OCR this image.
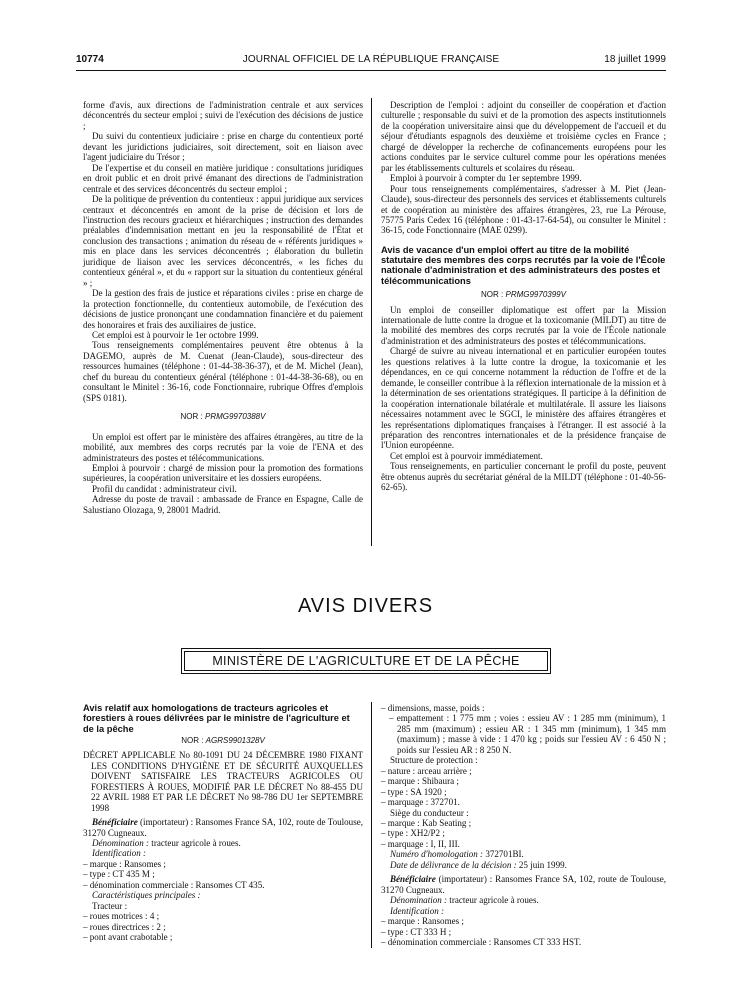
10774	JOURNAL OFFICIEL DE LA RÉPUBLIQUE FRANÇAISE	18 juillet 1999

forme d'avis, aux directions de l'administration centrale et aux services déconcentrés du secteur emploi ; suivi de l'exécution des décisions de justice ;

Du suivi du contentieux judiciaire : prise en charge du contentieux porté devant les juridictions judiciaires, soit directement, soit en liaison avec l'agent judiciaire du Trésor ;

De l'expertise et du conseil en matière juridique : consultations juridiques en droit public et en droit privé émanant des directions de l'administration centrale et des services déconcentrés du secteur emploi ;

De la politique de prévention du contentieux : appui juridique aux services centraux et déconcentrés en amont de la prise de décision et lors de l'instruction des recours gracieux et hiérarchiques ; instruction des demandes préalables d'indemnisation mettant en jeu la responsabilité de l'État et conclusion des transactions ; animation du réseau de « référents juridiques » mis en place dans les services déconcentrés ; élaboration du bulletin juridique de liaison avec les services déconcentrés, « les fiches du contentieux général », et du « rapport sur la situation du contentieux général » ;

De la gestion des frais de justice et réparations civiles : prise en charge de la protection fonctionnelle, du contentieux automobile, de l'exécution des décisions de justice prononçant une condamnation financière et du paiement des honoraires et frais des auxiliaires de justice.

Cet emploi est à pourvoir le 1er octobre 1999.

Tous renseignements complémentaires peuvent être obtenus à la DAGEMO, auprès de M. Cuenat (Jean-Claude), sous-directeur des ressources humaines (téléphone : 01-44-38-36-37), et de M. Michel (Jean), chef du bureau du contentieux général (téléphone : 01-44-38-36-68), ou en consultant le Minitel : 36-16, code Fonctionnaire, rubrique Offres d'emplois (SPS 0181).

NOR : PRMG9970388V

Un emploi est offert par le ministère des affaires étrangères, au titre de la mobilité, aux membres des corps recrutés par la voie de l'ENA et des administrateurs des postes et télécommunications.

Emploi à pourvoir : chargé de mission pour la promotion des formations supérieures, la coopération universitaire et les dossiers européens.

Profil du candidat : administrateur civil.

Adresse du poste de travail : ambassade de France en Espagne, Calle de Salustiano Olozaga, 9, 28001 Madrid.

Description de l'emploi : adjoint du conseiller de coopération et d'action culturelle ; responsable du suivi et de la promotion des aspects institutionnels de la coopération universitaire ainsi que du développement de l'accueil et du séjour d'étudiants espagnols des deuxième et troisième cycles en France ; chargé de développer la recherche de cofinancements européens pour les actions conduites par le service culturel comme pour les opérations menées par les établissements culturels et scolaires du réseau.

Emploi à pourvoir à compter du 1er septembre 1999.

Pour tous renseignements complémentaires, s'adresser à M. Piet (Jean-Claude), sous-directeur des personnels des services et établissements culturels et de coopération au ministère des affaires étrangères, 23, rue La Pérouse, 75775 Paris Cedex 16 (téléphone : 01-43-17-64-54), ou consulter le Minitel : 36-15, code Fonctionnaire (MAE 0299).

Avis de vacance d'un emploi offert au titre de la mobilité statutaire des membres des corps recrutés par la voie de l'École nationale d'administration et des administrateurs des postes et télécommunications
NOR : PRMG9970399V

Un emploi de conseiller diplomatique est offert par la Mission internationale de lutte contre la drogue et la toxicomanie (MILDT) au titre de la mobilité des membres des corps recrutés par la voie de l'École nationale d'administration et des administrateurs des postes et télécommunications.

Chargé de suivre au niveau international et en particulier européen toutes les questions relatives à la lutte contre la drogue, la toxicomanie et les dépendances, en ce qui concerne notamment la réduction de l'offre et de la demande, le conseiller contribue à la réflexion internationale de la mission et à la détermination de ses orientations stratégiques. Il participe à la définition de la coopération internationale bilatérale et multilatérale. Il assure les liaisons nécessaires notamment avec le SGCI, le ministère des affaires étrangères et les représentations diplomatiques françaises à l'étranger. Il est associé à la préparation des rencontres internationales et de la présidence française de l'Union européenne.

Cet emploi est à pourvoir immédiatement.

Tous renseignements, en particulier concernant le profil du poste, peuvent être obtenus auprès du secrétariat général de la MILDT (téléphone : 01-40-56-62-65).

AVIS DIVERS
MINISTÈRE DE L'AGRICULTURE ET DE LA PÊCHE
Avis relatif aux homologations de tracteurs agricoles et forestiers à roues délivrées par le ministre de l'agriculture et de la pêche
NOR : AGRS9901328V

DÉCRET APPLICABLE No 80-1091 DU 24 DÉCEMBRE 1980 FIXANT LES CONDITIONS D'HYGIÈNE ET DE SÉCURITÉ AUXQUELLES DOIVENT SATISFAIRE LES TRACTEURS AGRICOLES OU FORESTIERS À ROUES, MODIFIÉ PAR LE DÉCRET No 88-455 DU 22 AVRIL 1988 ET PAR LE DÉCRET No 98-786 DU 1er SEPTEMBRE 1998

Bénéficiaire (importateur) : Ransomes France SA, 102, route de Toulouse, 31270 Cugneaux.

Dénomination : tracteur agricole à roues.

Identification :

– marque : Ransomes ;

– type : CT 435 M ;

– dénomination commerciale : Ransomes CT 435.

Caractéristiques principales :

Tracteur :

– roues motrices : 4 ;

– roues directrices : 2 ;

– pont avant crabotable ;

– dimensions, masse, poids :

– empattement : 1 775 mm ; voies : essieu AV : 1 285 mm (minimum), 1 285 mm (maximum) ; essieu AR : 1 345 mm (minimum), 1 345 mm (maximum) ; masse à vide : 1 470 kg ; poids sur l'essieu AV : 6 450 N ; poids sur l'essieu AR : 8 250 N.

Structure de protection :

– nature : arceau arrière ;

– marque : Shibaura ;

– type : SA 1920 ;

– marquage : 372701.

Siège du conducteur :

– marque : Kab Seating ;

– type : XH2/P2 ;

– marquage : I, II, III.

Numéro d'homologation : 372701BI.

Date de délivrance de la décision : 25 juin 1999.

Bénéficiaire (importateur) : Ransomes France SA, 102, route de Toulouse, 31270 Cugneaux.

Dénomination : tracteur agricole à roues.

Identification :

– marque : Ransomes ;

– type : CT 333 H ;

– dénomination commerciale : Ransomes CT 333 HST.
